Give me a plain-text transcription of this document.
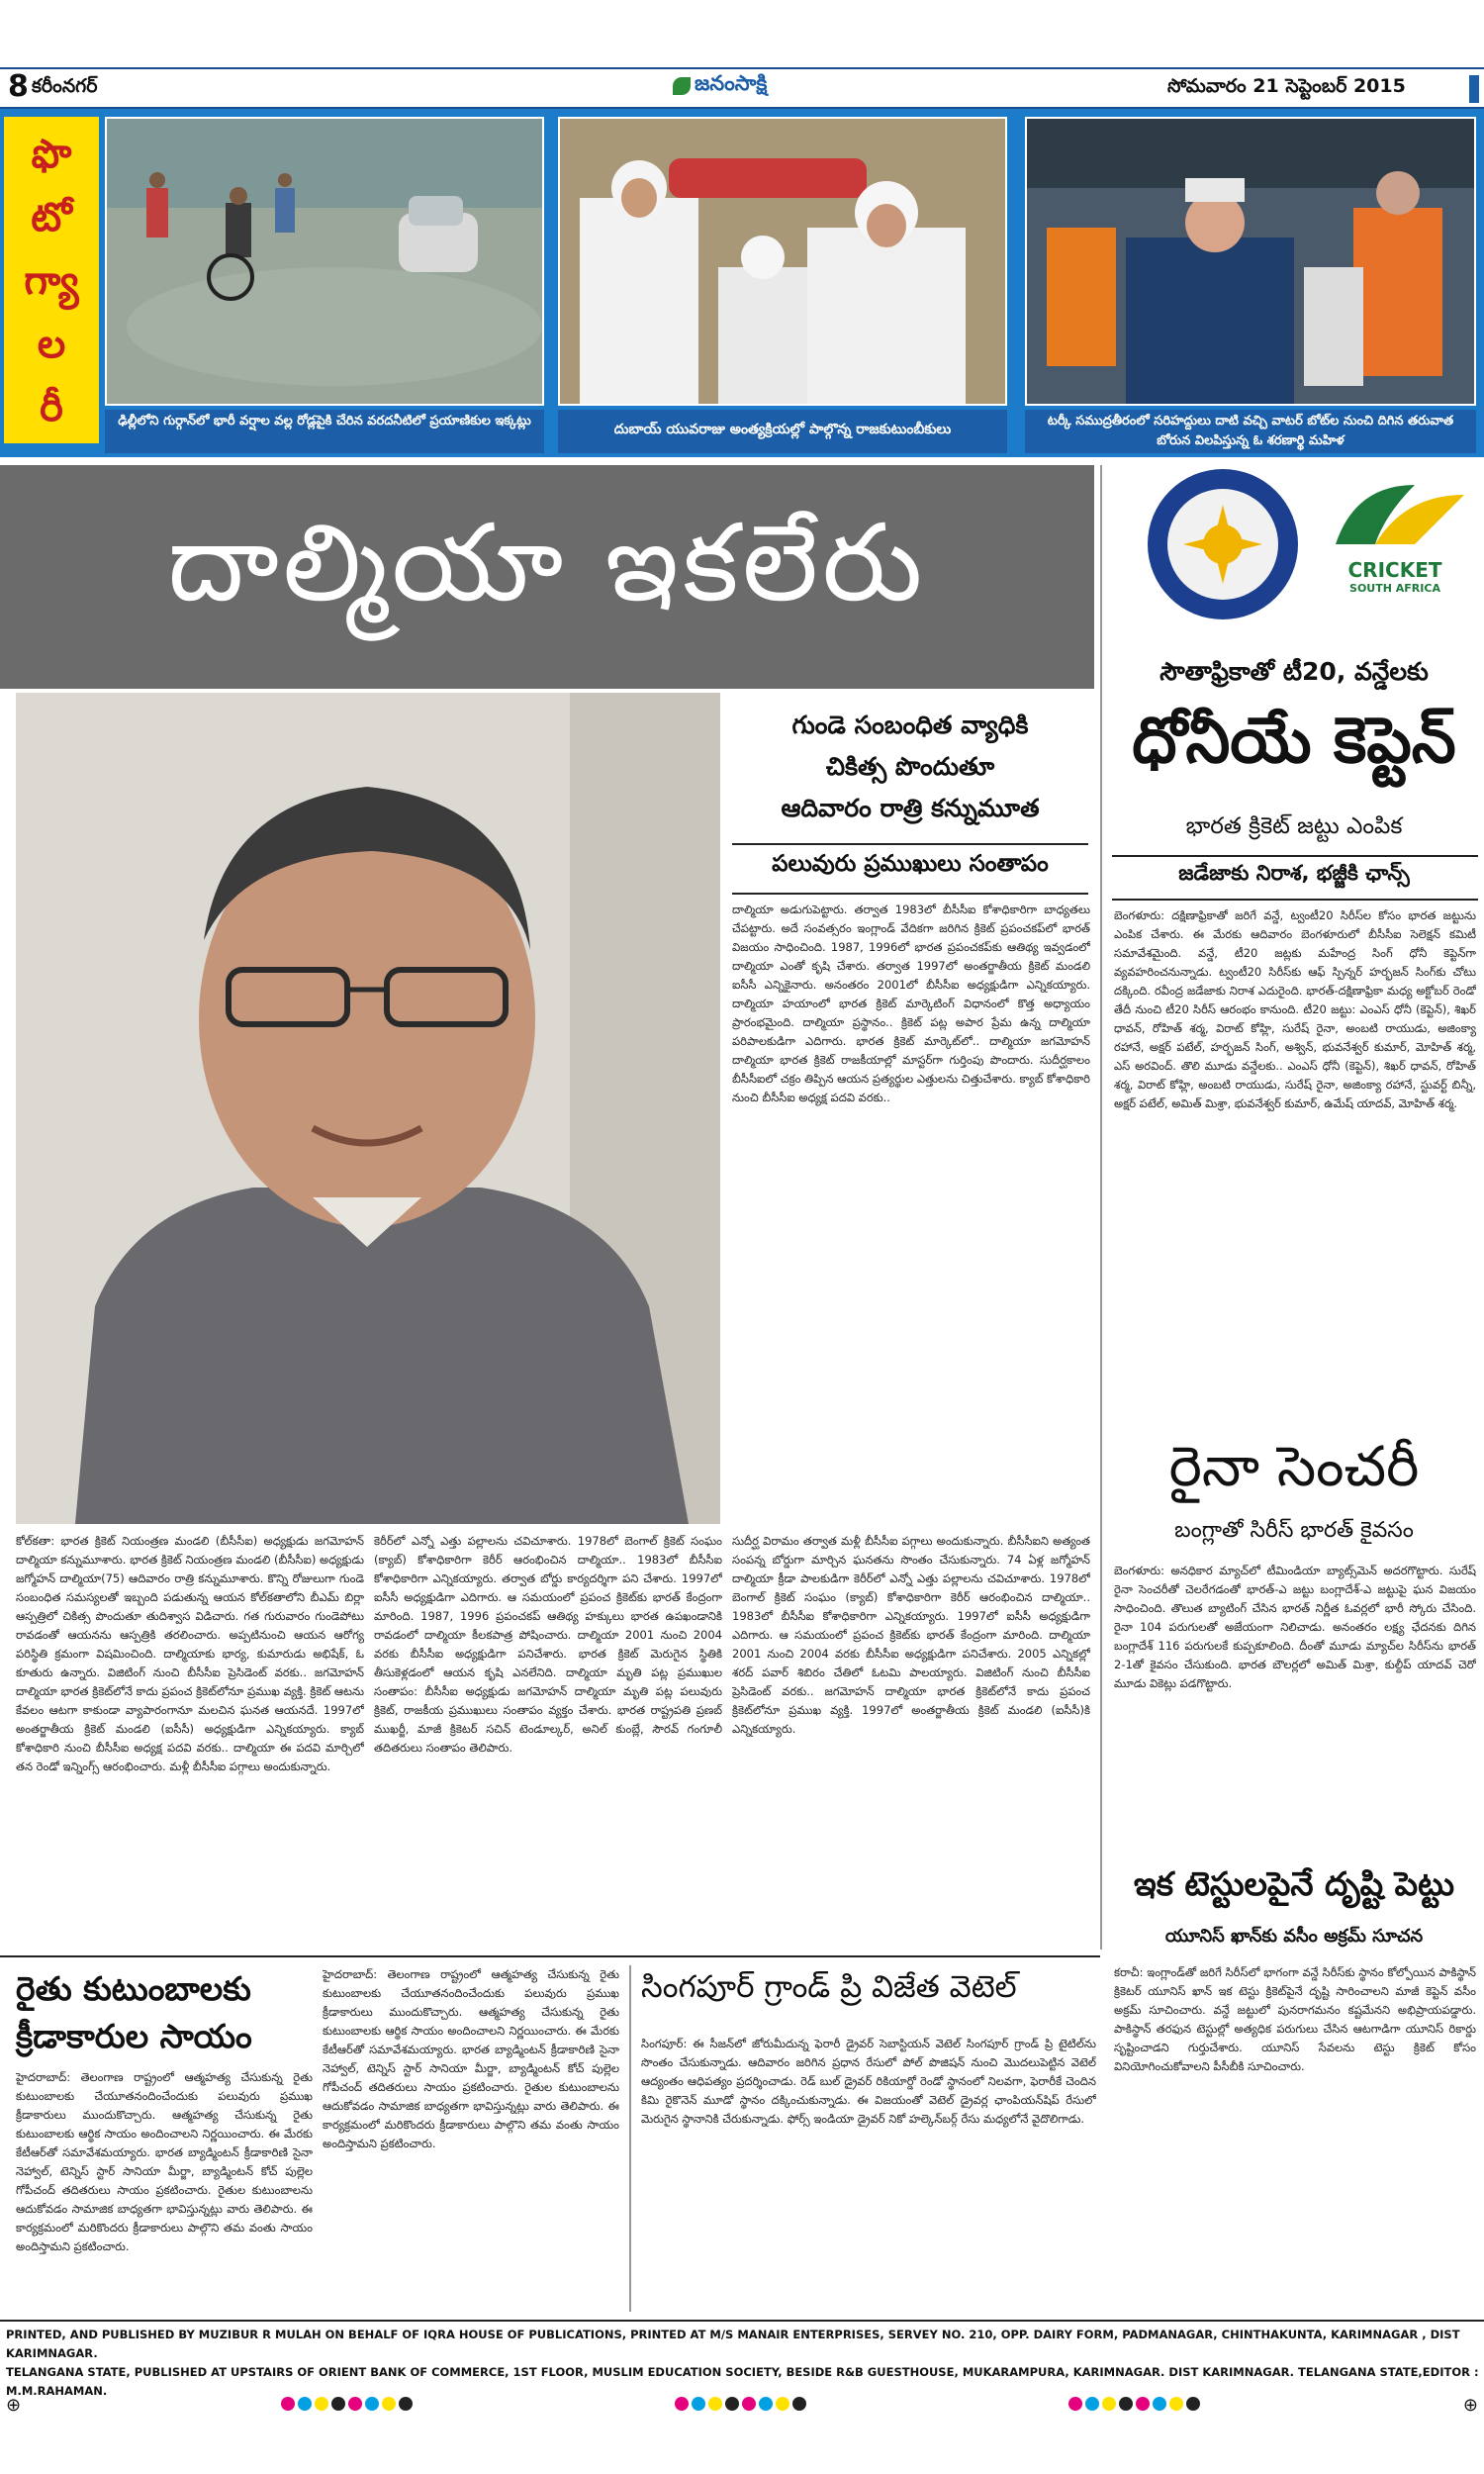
8 కరీంనగర్	జనంసాక్షి	సోమవారం 21 సెప్టెంబర్ 2015
ఫొ
టో
గ్యా
ల
రీ	ఢిల్లీలోని గుర్గాన్‌లో భారీ వర్షాల వల్ల రోడ్లపైకి చేరిన వరదనీటిలో ప్రయాణికుల ఇక్కట్లు
దుబాయ్ యువరాజు అంత్యక్రియల్లో పాల్గొన్న రాజకుటుంబీకులు
టర్కీ సముద్రతీరంలో సరిహద్దులు దాటి వచ్చి వాటర్ బోట్‌ల నుంచి దిగిన తరువాత బోరున విలపిస్తున్న ఓ శరణార్థి మహిళ
దాల్మియా ఇకలేరు
గుండె సంబంధిత వ్యాధికి
చికిత్స పొందుతూ
ఆదివారం రాత్రి కన్నుమూత
పలువురు ప్రముఖులు సంతాపం
దాల్మియా అడుగుపెట్టారు. తర్వాత 1983లో బీసీసీఐ కోశాధికారిగా బాధ్యతలు చేపట్టారు. అదే సంవత్సరం ఇంగ్లాండ్ వేదికగా జరిగిన క్రికెట్ ప్రపంచకప్‌లో భారత్ విజయం సాధించింది. 1987, 1996లో భారత ప్రపంచకప్‌కు ఆతిథ్య ఇవ్వడంలో దాల్మియా ఎంతో కృషి చేశారు. తర్వాత 1997లో అంతర్జాతీయ క్రికెట్ మండలి ఐసీసీ ఎన్నికైనారు. అనంతరం 2001లో బీసీసీఐ అధ్యక్షుడిగా ఎన్నికయ్యారు. దాల్మియా హయాంలో భారత క్రికెట్ మార్కెటింగ్ విధానంలో కొత్త అధ్యాయం ప్రారంభమైంది. దాల్మియా ప్రస్థానం.. క్రికెట్ పట్ల అపార ప్రేమ ఉన్న దాల్మియా పరిపాలకుడిగా ఎదిగారు. భారత క్రికెట్ మార్కెట్‌లో.. దాల్మియా జగమోహన్ దాల్మియా భారత క్రికెట్ రాజకీయాల్లో మాస్టర్‌గా గుర్తింపు పొందారు. సుదీర్ఘకాలం బీసీసీఐలో చక్రం తిప్పిన ఆయన ప్రత్యర్థుల ఎత్తులను చిత్తుచేశారు. క్యాబ్ కోశాధికారి నుంచి బీసీసీఐ అధ్యక్ష పదవి వరకు..
సుదీర్ఘ విరామం తర్వాత మళ్లీ బీసీసీఐ పగ్గాలు అందుకున్నారు. బీసీసీఐని అత్యంత సంపన్న బోర్డుగా మార్చిన ఘనతను సొంతం చేసుకున్నారు. 74 ఏళ్ల జగ్మోహన్ దాల్మియా క్రీడా పాలకుడిగా కెరీర్‌లో ఎన్నో ఎత్తు పల్లాలను చవిచూశారు. 1978లో బెంగాల్ క్రికెట్ సంఘం (క్యాబ్) కోశాధికారిగా కెరీర్ ఆరంభించిన దాల్మియా.. 1983లో బీసీసీఐ కోశాధికారిగా ఎన్నికయ్యారు. 1997లో ఐసీసీ అధ్యక్షుడిగా ఎదిగారు. ఆ సమయంలో ప్రపంచ క్రికెట్‌కు భారత్ కేంద్రంగా మారింది. దాల్మియా 2001 నుంచి 2004 వరకు బీసీసీఐ అధ్యక్షుడిగా పనిచేశారు. 2005 ఎన్నికల్లో శరద్ పవార్ శిబిరం చేతిలో ఓటమి పాలయ్యారు. విజిటింగ్ నుంచి బీసీసీఐ ప్రెసిడెంట్ వరకు.. జగమోహన్ దాల్మియా భారత క్రికెట్‌లోనే కాదు ప్రపంచ క్రికెట్‌లోనూ ప్రముఖ వ్యక్తి. 1997లో అంతర్జాతీయ క్రికెట్ మండలి (ఐసీసీ)కి ఎన్నికయ్యారు.
కోల్‌కతా: భారత క్రికెట్ నియంత్రణ మండలి (బీసీసీఐ) అధ్యక్షుడు జగమోహన్ దాల్మియా కన్నుమూశారు. భారత క్రికెట్ నియంత్రణ మండలి (బీసీసీఐ) అధ్యక్షుడు జగ్మోహన్ దాల్మియా(75) ఆదివారం రాత్రి కన్నుమూశారు. కొన్ని రోజులుగా గుండె సంబంధిత సమస్యలతో ఇబ్బంది పడుతున్న ఆయన కోల్‌కతాలోని బీఎమ్ బిర్లా ఆస్పత్రిలో చికిత్స పొందుతూ తుదిశ్వాస విడిచారు. గత గురువారం గుండెపోటు రావడంతో ఆయనను ఆస్పత్రికి తరలించారు. అప్పటినుంచి ఆయన ఆరోగ్య పరిస్థితి క్రమంగా విషమించింది. దాల్మియాకు భార్య, కుమారుడు అభిషేక్, ఓ కూతురు ఉన్నారు. విజిటింగ్ నుంచి బీసీసీఐ ప్రెసిడెంట్ వరకు.. జగమోహన్ దాల్మియా భారత క్రికెట్‌లోనే కాదు ప్రపంచ క్రికెట్‌లోనూ ప్రముఖ వ్యక్తి. క్రికెట్ ఆటను కేవలం ఆటగా కాకుండా వ్యాపారంగానూ మలచిన ఘనత ఆయనదే. 1997లో అంతర్జాతీయ క్రికెట్ మండలి (ఐసీసీ) అధ్యక్షుడిగా ఎన్నికయ్యారు. క్యాబ్ కోశాధికారి నుంచి బీసీసీఐ అధ్యక్ష పదవి వరకు.. దాల్మియా ఈ పదవి మార్చిలో తన రెండో ఇన్నింగ్స్ ఆరంభించారు. మళ్లీ బీసీసీఐ పగ్గాలు అందుకున్నారు.
కెరీర్‌లో ఎన్నో ఎత్తు పల్లాలను చవిచూశారు. 1978లో బెంగాల్ క్రికెట్ సంఘం (క్యాబ్) కోశాధికారిగా కెరీర్ ఆరంభించిన దాల్మియా.. 1983లో బీసీసీఐ కోశాధికారిగా ఎన్నికయ్యారు. తర్వాత బోర్డు కార్యదర్శిగా పని చేశారు. 1997లో ఐసీసీ అధ్యక్షుడిగా ఎదిగారు. ఆ సమయంలో ప్రపంచ క్రికెట్‌కు భారత్ కేంద్రంగా మారింది. 1987, 1996 ప్రపంచకప్ ఆతిథ్య హక్కులు భారత ఉపఖండానికి రావడంలో దాల్మియా కీలకపాత్ర పోషించారు. దాల్మియా 2001 నుంచి 2004 వరకు బీసీసీఐ అధ్యక్షుడిగా పనిచేశారు. భారత క్రికెట్ మెరుగైన స్థితికి తీసుకెళ్లడంలో ఆయన కృషి ఎనలేనిది. దాల్మియా మృతి పట్ల ప్రముఖుల సంతాపం: బీసీసీఐ అధ్యక్షుడు జగమోహన్ దాల్మియా మృతి పట్ల పలువురు క్రికెట్, రాజకీయ ప్రముఖులు సంతాపం వ్యక్తం చేశారు. భారత రాష్ట్రపతి ప్రణబ్ ముఖర్జీ, మాజీ క్రికెటర్ సచిన్ టెండూల్కర్, అనిల్ కుంబ్లే, సౌరవ్ గంగూలీ తదితరులు సంతాపం తెలిపారు.
CRICKET
SOUTH AFRICA
సౌతాఫ్రికాతో టీ20, వన్డేలకు
ధోనీయే కెప్టెన్
భారత క్రికెట్ జట్టు ఎంపిక
జడేజాకు నిరాశ, భజ్జీకి ఛాన్స్
బెంగళూరు: దక్షిణాఫ్రికాతో జరిగే వన్డే, ట్వంటీ20 సిరీస్‌ల కోసం భారత జట్టును ఎంపిక చేశారు. ఈ మేరకు ఆదివారం బెంగళూరులో బీసీసీఐ సెలెక్షన్ కమిటీ సమావేశమైంది. వన్డే, టీ20 జట్లకు మహేంద్ర సింగ్ ధోనీ కెప్టెన్‌గా వ్యవహరించనున్నాడు. ట్వంటీ20 సిరీస్‌కు ఆఫ్ స్పిన్నర్ హర్భజన్ సింగ్‌కు చోటు దక్కింది. రవీంద్ర జడేజాకు నిరాశ ఎదురైంది. భారత్-దక్షిణాఫ్రికా మధ్య అక్టోబర్ రెండో తేదీ నుంచి టీ20 సిరీస్ ఆరంభం కానుంది. టీ20 జట్టు: ఎంఎస్ ధోనీ (కెప్టెన్), శిఖర్ ధావన్, రోహిత్ శర్మ, విరాట్ కోహ్లి, సురేష్ రైనా, అంబటి రాయుడు, అజింక్యా రహానే, అక్షర్ పటేల్, హర్భజన్ సింగ్, అశ్విన్, భువనేశ్వర్ కుమార్, మోహిత్ శర్మ, ఎస్ అరవింద్. తొలి మూడు వన్డేలకు.. ఎంఎస్ ధోనీ (కెప్టెన్), శిఖర్ ధావన్, రోహిత్ శర్మ, విరాట్ కోహ్లి, అంబటి రాయుడు, సురేష్ రైనా, అజింక్యా రహానే, స్టువర్ట్ బిన్నీ, అక్షర్ పటేల్, అమిత్ మిశ్రా, భువనేశ్వర్ కుమార్, ఉమేష్ యాదవ్, మోహిత్ శర్మ.
రైనా సెంచరీ
బంగ్లాతో సిరీస్ భారత్ కైవసం
బెంగళూరు: అనధికార మ్యాచ్‌లో టీమిండియా బ్యాట్స్‌మెన్ అదరగొట్టారు. సురేష్ రైనా సెంచరీతో చెలరేగడంతో భారత్-ఎ జట్టు బంగ్లాదేశ్-ఎ జట్టుపై ఘన విజయం సాధించింది. తొలుత బ్యాటింగ్ చేసిన భారత్ నిర్ణీత ఓవర్లలో భారీ స్కోరు చేసింది. రైనా 104 పరుగులతో అజేయంగా నిలిచాడు. అనంతరం లక్ష్య ఛేదనకు దిగిన బంగ్లాదేశ్ 116 పరుగులకే కుప్పకూలింది. దీంతో మూడు మ్యాచ్‌ల సిరీస్‌ను భారత్ 2-1తో కైవసం చేసుకుంది. భారత బౌలర్లలో అమిత్ మిశ్రా, కుల్దీప్ యాదవ్ చెరో మూడు వికెట్లు పడగొట్టారు.
ఇక టెస్టులపైనే దృష్టి పెట్టు
యూనిస్ ఖాన్‌కు వసీం అక్రమ్ సూచన
కరాచీ: ఇంగ్లాండ్‌తో జరిగే సిరీస్‌లో భాగంగా వన్డే సిరీస్‌కు స్థానం కోల్పోయిన పాకిస్థాన్ క్రికెటర్ యూనిస్ ఖాన్ ఇక టెస్టు క్రికెట్‌పైనే దృష్టి సారించాలని మాజీ కెప్టెన్ వసీం అక్రమ్ సూచించారు. వన్డే జట్టులో పునరాగమనం కష్టమేనని అభిప్రాయపడ్డారు. పాకిస్థాన్ తరఫున టెస్టుల్లో అత్యధిక పరుగులు చేసిన ఆటగాడిగా యూనిస్ రికార్డు సృష్టించాడని గుర్తుచేశారు. యూనిస్ సేవలను టెస్టు క్రికెట్ కోసం వినియోగించుకోవాలని పీసీబీకి సూచించారు.
రైతు కుటుంబాలకు
క్రీడాకారుల సాయం
హైదరాబాద్: తెలంగాణ రాష్ట్రంలో ఆత్మహత్య చేసుకున్న రైతు కుటుంబాలకు చేయూతనందించేందుకు పలువురు ప్రముఖ క్రీడాకారులు ముందుకొచ్చారు. ఆత్మహత్య చేసుకున్న రైతు కుటుంబాలకు ఆర్థిక సాయం అందించాలని నిర్ణయించారు. ఈ మేరకు కేటీఆర్‌తో సమావేశమయ్యారు. భారత బ్యాడ్మింటన్ క్రీడాకారిణి సైనా నెహ్వాల్, టెన్నిస్ స్టార్ సానియా మీర్జా, బ్యాడ్మింటన్ కోచ్ పుల్లెల గోపీచంద్ తదితరులు సాయం ప్రకటించారు. రైతుల కుటుంబాలను ఆదుకోవడం సామాజిక బాధ్యతగా భావిస్తున్నట్లు వారు తెలిపారు. ఈ కార్యక్రమంలో మరికొందరు క్రీడాకారులు పాల్గొని తమ వంతు సాయం అందిస్తామని ప్రకటించారు.
హైదరాబాద్: తెలంగాణ రాష్ట్రంలో ఆత్మహత్య చేసుకున్న రైతు కుటుంబాలకు చేయూతనందించేందుకు పలువురు ప్రముఖ క్రీడాకారులు ముందుకొచ్చారు. ఆత్మహత్య చేసుకున్న రైతు కుటుంబాలకు ఆర్థిక సాయం అందించాలని నిర్ణయించారు. ఈ మేరకు కేటీఆర్‌తో సమావేశమయ్యారు. భారత బ్యాడ్మింటన్ క్రీడాకారిణి సైనా నెహ్వాల్, టెన్నిస్ స్టార్ సానియా మీర్జా, బ్యాడ్మింటన్ కోచ్ పుల్లెల గోపీచంద్ తదితరులు సాయం ప్రకటించారు. రైతుల కుటుంబాలను ఆదుకోవడం సామాజిక బాధ్యతగా భావిస్తున్నట్లు వారు తెలిపారు. ఈ కార్యక్రమంలో మరికొందరు క్రీడాకారులు పాల్గొని తమ వంతు సాయం అందిస్తామని ప్రకటించారు.
సింగపూర్ గ్రాండ్ ప్రి విజేత వెటెల్
సింగపూర్: ఈ సీజన్‌లో జోరుమీదున్న ఫెరారీ డ్రైవర్ సెబాస్టియన్ వెటెల్ సింగపూర్ గ్రాండ్ ప్రి టైటిల్‌ను సొంతం చేసుకున్నాడు. ఆదివారం జరిగిన ప్రధాన రేసులో పోల్ పొజిషన్ నుంచి మొదలుపెట్టిన వెటెల్ ఆద్యంతం ఆధిపత్యం ప్రదర్శించాడు. రెడ్ బుల్ డ్రైవర్ రికియార్డో రెండో స్థానంలో నిలవగా, ఫెరారీకే చెందిన కిమి రైకొనెన్ మూడో స్థానం దక్కించుకున్నాడు. ఈ విజయంతో వెటెల్ డ్రైవర్ల ఛాంపియన్‌షిప్ రేసులో మెరుగైన స్థానానికి చేరుకున్నాడు. ఫోర్స్ ఇండియా డ్రైవర్ నికో హల్కెన్‌బర్గ్ రేసు మధ్యలోనే వైదొలిగాడు.
PRINTED, AND PUBLISHED BY MUZIBUR R MULAH ON BEHALF OF IQRA HOUSE OF PUBLICATIONS, PRINTED AT M/S MANAIR ENTERPRISES, SERVEY NO. 210, OPP. DAIRY FORM, PADMANAGAR, CHINTHAKUNTA, KARIMNAGAR , DIST KARIMNAGAR.
TELANGANA STATE, PUBLISHED AT UPSTAIRS OF ORIENT BANK OF COMMERCE, 1ST FLOOR, MUSLIM EDUCATION SOCIETY, BESIDE R&B GUESTHOUSE, MUKARAMPURA, KARIMNAGAR. DIST KARIMNAGAR. TELANGANA STATE,EDITOR : M.M.RAHAMAN.
⊕	⊕
